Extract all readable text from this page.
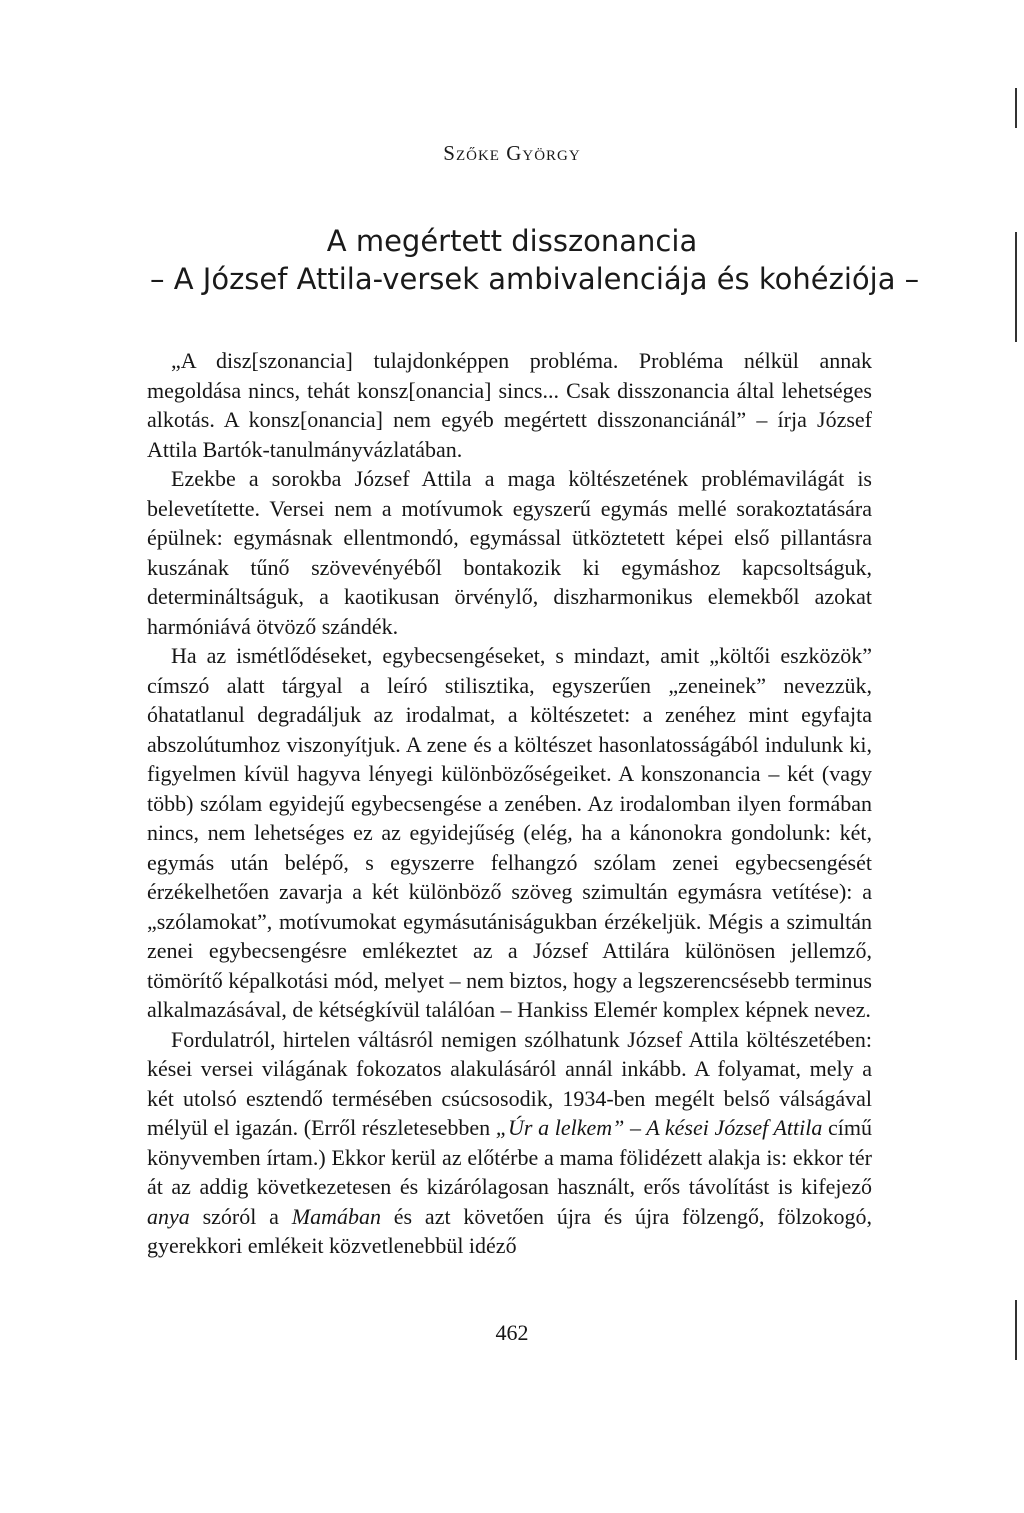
Szőke György
A megértett disszonancia
– A József Attila-versek ambivalenciája és kohéziója –

„A disz[szonancia] tulajdonképpen probléma. Probléma nélkül annak megoldása nincs, tehát konsz[onancia] sincs... Csak disszonancia által lehetséges alkotás. A konsz[onancia] nem egyéb megértett disszonanciánál” – írja József Attila Bartók-tanulmányvázlatában.

Ezekbe a sorokba József Attila a maga költészetének problémavilágát is belevetítette. Versei nem a motívumok egyszerű egymás mellé sorakoztatására épülnek: egymásnak ellentmondó, egymással ütköztetett képei első pillantásra kuszának tűnő szövevényéből bontakozik ki egymáshoz kapcsoltságuk, determináltságuk, a kaotikusan örvénylő, diszharmonikus elemekből azokat harmóniává ötvöző szándék.

Ha az ismétlődéseket, egybecsengéseket, s mindazt, amit „költői eszközök” címszó alatt tárgyal a leíró stilisztika, egyszerűen „zeneinek” nevezzük, óhatatlanul degradáljuk az irodalmat, a költészetet: a zenéhez mint egyfajta abszolútumhoz viszonyítjuk. A zene és a költészet hasonlatosságából indulunk ki, figyelmen kívül hagyva lényegi különbözőségeiket. A konszonancia – két (vagy több) szólam egyidejű egybecsengése a zenében. Az irodalomban ilyen formában nincs, nem lehetséges ez az egyidejűség (elég, ha a kánonokra gondolunk: két, egymás után belépő, s egyszerre felhangzó szólam zenei egybecsengését érzékelhetően zavarja a két különböző szöveg szimultán egymásra vetítése): a „szólamokat”, motívumokat egymásutániságukban érzékeljük. Mégis a szimultán zenei egybecsengésre emlékeztet az a József Attilára különösen jellemző, tömörítő képalkotási mód, melyet – nem biztos, hogy a legszerencsésebb terminus alkalmazásával, de kétségkívül találóan – Hankiss Elemér komplex képnek nevez.

Fordulatról, hirtelen váltásról nemigen szólhatunk József Attila költészetében: kései versei világának fokozatos alakulásáról annál inkább. A folyamat, mely a két utolsó esztendő termésében csúcsosodik, 1934-ben megélt belső válságával mélyül el igazán. (Erről részletesebben „Úr a lelkem” – A kései József Attila című könyvemben írtam.) Ekkor kerül az előtérbe a mama fölidézett alakja is: ekkor tér át az addig következetesen és kizárólagosan használt, erős távolítást is kifejező anya szóról a Mamában és azt követően újra és újra fölzengő, fölzokogó, gyerekkori emlékeit közvetlenebbül idéző

462
